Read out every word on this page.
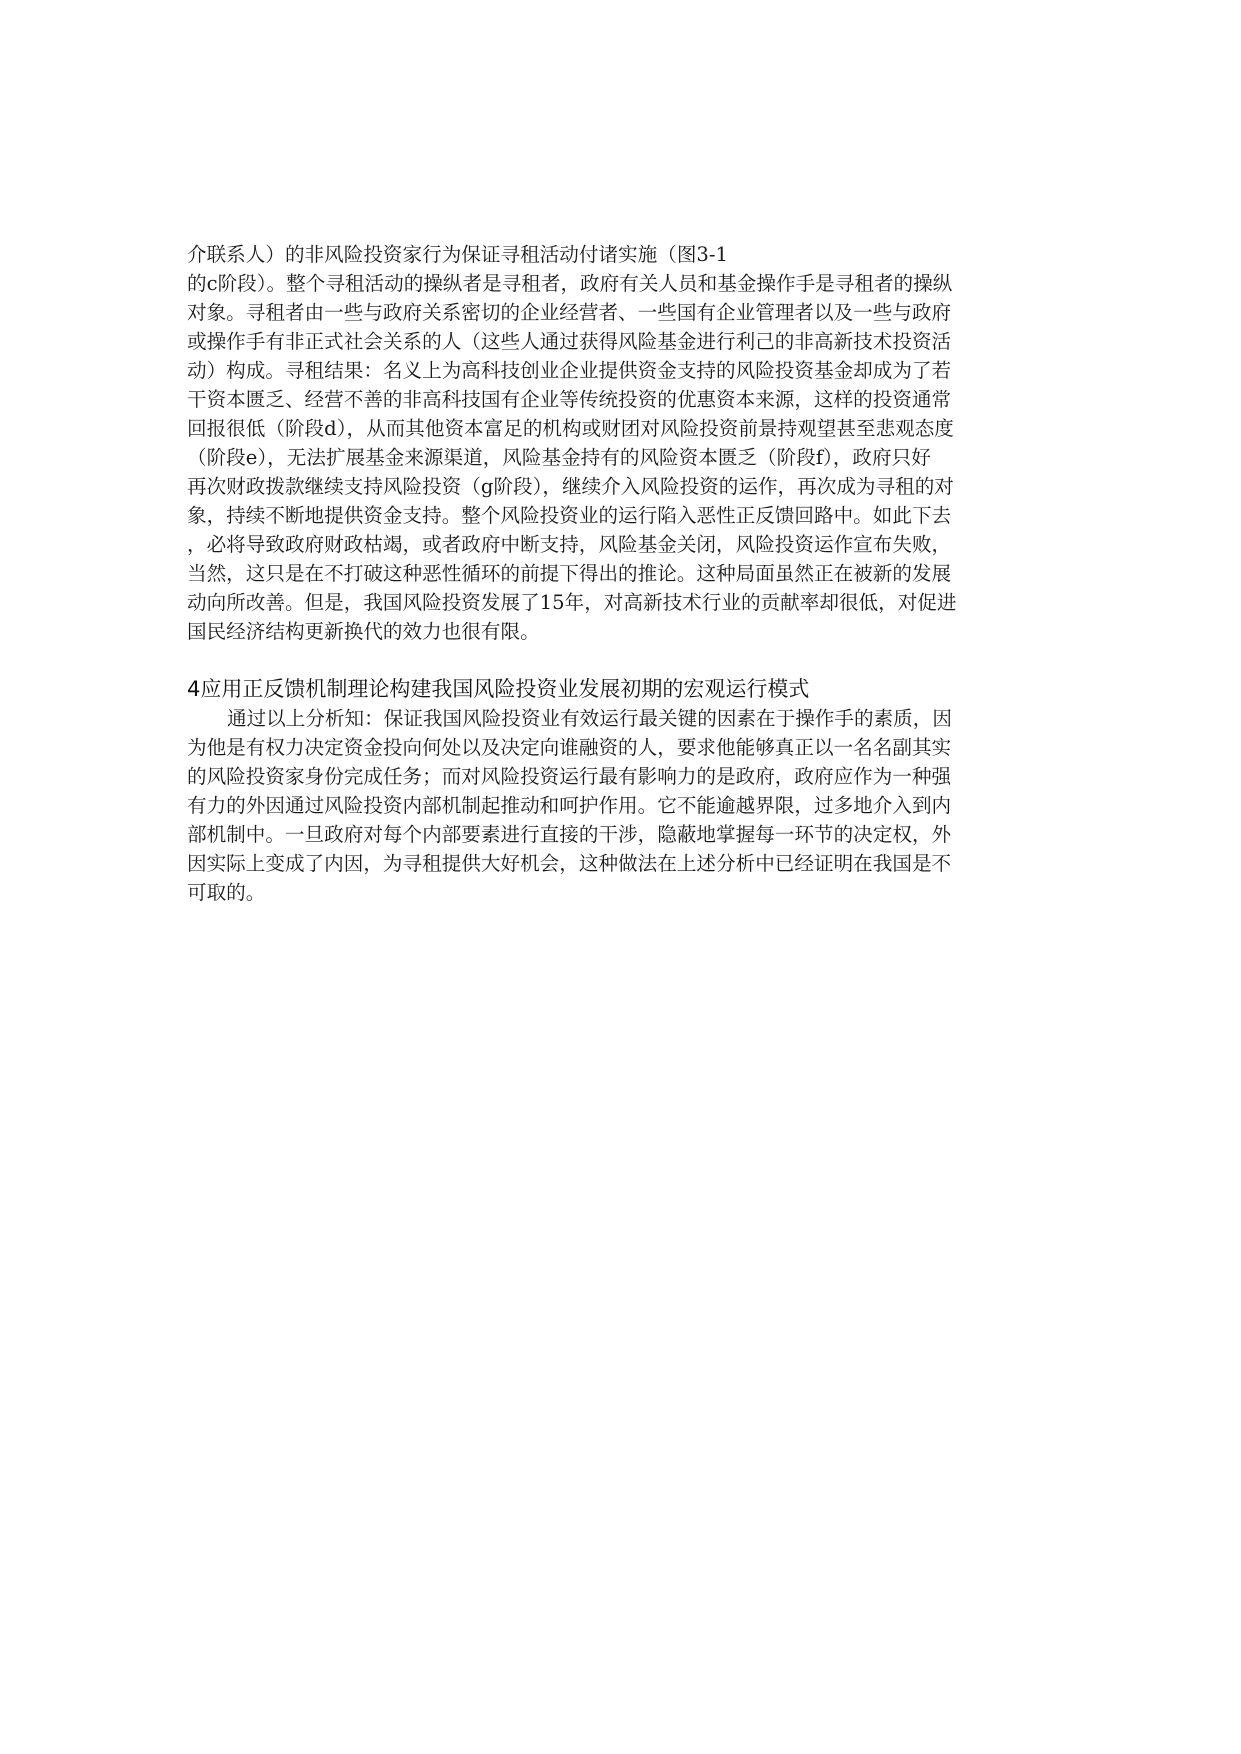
介联系人）的非风险投资家行为保证寻租活动付诸实施（图3-1
的c阶段）。整个寻租活动的操纵者是寻租者，政府有关人员和基金操作手是寻租者的操纵
对象。寻租者由一些与政府关系密切的企业经营者、一些国有企业管理者以及一些与政府
或操作手有非正式社会关系的人（这些人通过获得风险基金进行利己的非高新技术投资活
动）构成。寻租结果：名义上为高科技创业企业提供资金支持的风险投资基金却成为了若
干资本匮乏、经营不善的非高科技国有企业等传统投资的优惠资本来源，这样的投资通常
回报很低（阶段d），从而其他资本富足的机构或财团对风险投资前景持观望甚至悲观态度
（阶段e），无法扩展基金来源渠道，风险基金持有的风险资本匮乏（阶段f），政府只好
再次财政拨款继续支持风险投资（g阶段），继续介入风险投资的运作，再次成为寻租的对
象，持续不断地提供资金支持。整个风险投资业的运行陷入恶性正反馈回路中。如此下去
，必将导致政府财政枯竭，或者政府中断支持，风险基金关闭，风险投资运作宣布失败，
当然，这只是在不打破这种恶性循环的前提下得出的推论。这种局面虽然正在被新的发展
动向所改善。但是，我国风险投资发展了15年，对高新技术行业的贡献率却很低，对促进
国民经济结构更新换代的效力也很有限。
4应用正反馈机制理论构建我国风险投资业发展初期的宏观运行模式
通过以上分析知：保证我国风险投资业有效运行最关键的因素在于操作手的素质，因
为他是有权力决定资金投向何处以及决定向谁融资的人，要求他能够真正以一名名副其实
的风险投资家身份完成任务；而对风险投资运行最有影响力的是政府，政府应作为一种强
有力的外因通过风险投资内部机制起推动和呵护作用。它不能逾越界限，过多地介入到内
部机制中。一旦政府对每个内部要素进行直接的干涉，隐蔽地掌握每一环节的决定权，外
因实际上变成了内因，为寻租提供大好机会，这种做法在上述分析中已经证明在我国是不
可取的。
